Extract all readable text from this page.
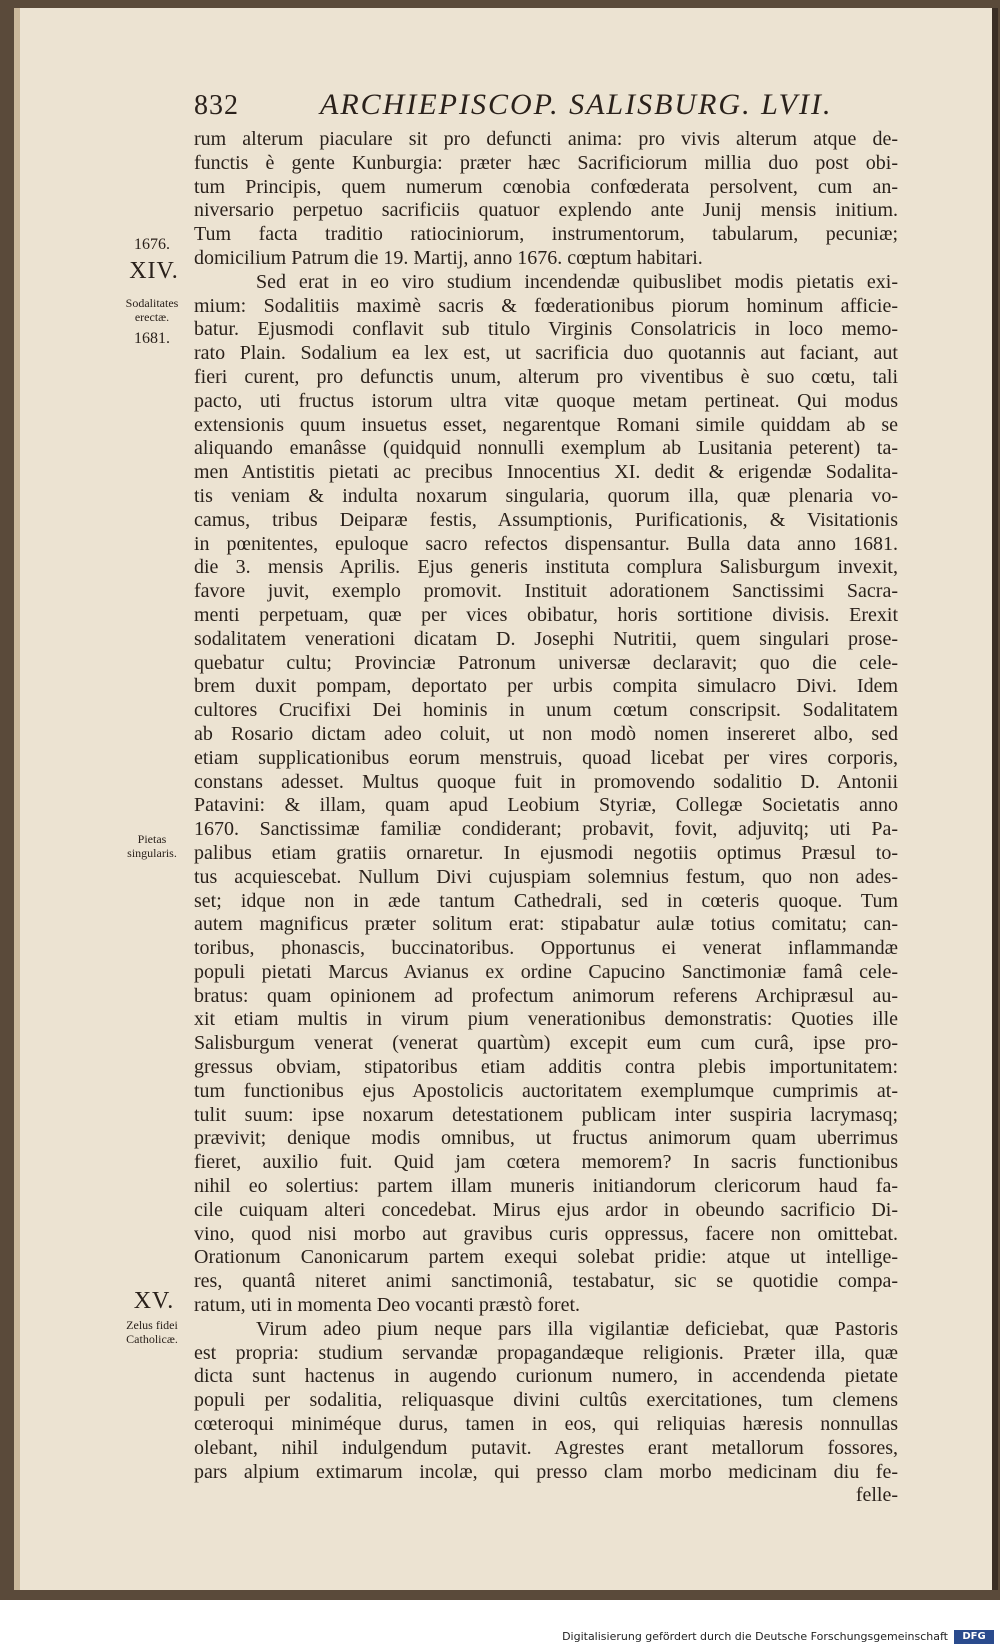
832	ARCHIEPISCOP. SALISBURG. LVII.
1676.
XIV.
Sodalitates erectæ.
1681.
Pietas singularis.
XV.
Zelus fidei Catholicæ.
rum alterum piaculare sit pro defuncti anima: pro vivis alterum atque de-
functis è gente Kunburgia: præter hæc Sacrificiorum millia duo post obi-
tum Principis, quem numerum cœnobia confœderata persolvent, cum an-
niversario perpetuo sacrificiis quatuor explendo ante Junij mensis initium.
Tum facta traditio ratiociniorum, instrumentorum, tabularum, pecuniæ;
domicilium Patrum die 19. Martij, anno 1676. cœptum habitari.
Sed erat in eo viro studium incendendæ quibuslibet modis pietatis exi-
mium: Sodalitiis maximè sacris & fœderationibus piorum hominum afficie-
batur. Ejusmodi conflavit sub titulo Virginis Consolatricis in loco memo-
rato Plain. Sodalium ea lex est, ut sacrificia duo quotannis aut faciant, aut
fieri curent, pro defunctis unum, alterum pro viventibus è suo cœtu, tali
pacto, uti fructus istorum ultra vitæ quoque metam pertineat. Qui modus
extensionis quum insuetus esset, negarentque Romani simile quiddam ab se
aliquando emanâsse (quidquid nonnulli exemplum ab Lusitania peterent) ta-
men Antistitis pietati ac precibus Innocentius XI. dedit & erigendæ Sodalita-
tis veniam & indulta noxarum singularia, quorum illa, quæ plenaria vo-
camus, tribus Deiparæ festis, Assumptionis, Purificationis, & Visitationis
in pœnitentes, epuloque sacro refectos dispensantur. Bulla data anno 1681.
die 3. mensis Aprilis. Ejus generis instituta complura Salisburgum invexit,
favore juvit, exemplo promovit. Instituit adorationem Sanctissimi Sacra-
menti perpetuam, quæ per vices obibatur, horis sortitione divisis. Erexit
sodalitatem venerationi dicatam D. Josephi Nutritii, quem singulari prose-
quebatur cultu; Provinciæ Patronum universæ declaravit; quo die cele-
brem duxit pompam, deportato per urbis compita simulacro Divi. Idem
cultores Crucifixi Dei hominis in unum cœtum conscripsit. Sodalitatem
ab Rosario dictam adeo coluit, ut non modò nomen insereret albo, sed
etiam supplicationibus eorum menstruis, quoad licebat per vires corporis,
constans adesset. Multus quoque fuit in promovendo sodalitio D. Antonii
Patavini: & illam, quam apud Leobium Styriæ, Collegæ Societatis anno
1670. Sanctissimæ familiæ condiderant; probavit, fovit, adjuvitq; uti Pa-
palibus etiam gratiis ornaretur. In ejusmodi negotiis optimus Præsul to-
tus acquiescebat. Nullum Divi cujuspiam solemnius festum, quo non ades-
set; idque non in æde tantum Cathedrali, sed in cœteris quoque. Tum
autem magnificus præter solitum erat: stipabatur aulæ totius comitatu; can-
toribus, phonascis, buccinatoribus. Opportunus ei venerat inflammandæ
populi pietati Marcus Avianus ex ordine Capucino Sanctimoniæ famâ cele-
bratus: quam opinionem ad profectum animorum referens Archipræsul au-
xit etiam multis in virum pium venerationibus demonstratis: Quoties ille
Salisburgum venerat (venerat quartùm) excepit eum cum curâ, ipse pro-
gressus obviam, stipatoribus etiam additis contra plebis importunitatem:
tum functionibus ejus Apostolicis auctoritatem exemplumque cumprimis at-
tulit suum: ipse noxarum detestationem publicam inter suspiria lacrymasq;
prævivit; denique modis omnibus, ut fructus animorum quam uberrimus
fieret, auxilio fuit. Quid jam cœtera memorem? In sacris functionibus
nihil eo solertius: partem illam muneris initiandorum clericorum haud fa-
cile cuiquam alteri concedebat. Mirus ejus ardor in obeundo sacrificio Di-
vino, quod nisi morbo aut gravibus curis oppressus, facere non omittebat.
Orationum Canonicarum partem exequi solebat pridie: atque ut intellige-
res, quantâ niteret animi sanctimoniâ, testabatur, sic se quotidie compa-
ratum, uti in momenta Deo vocanti præstò foret.
Virum adeo pium neque pars illa vigilantiæ deficiebat, quæ Pastoris
est propria: studium servandæ propagandæque religionis. Præter illa, quæ
dicta sunt hactenus in augendo curionum numero, in accendenda pietate
populi per sodalitia, reliquasque divini cultûs exercitationes, tum clemens
cœteroqui miniméque durus, tamen in eos, qui reliquias hæresis nonnullas
olebant, nihil indulgendum putavit. Agrestes erant metallorum fossores,
pars alpium extimarum incolæ, qui presso clam morbo medicinam diu fe-
felle-
Digitalisierung gefördert durch die Deutsche Forschungsgemeinschaft	DFG
